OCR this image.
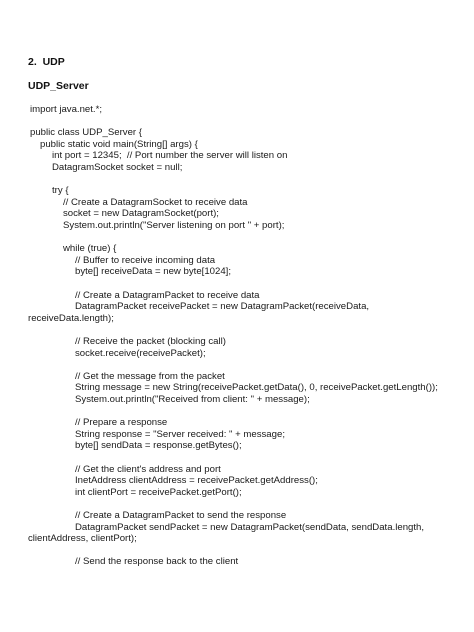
2.  UDP
UDP_Server
import java.net.*;
public class UDP_Server {
public static void main(String[] args) {
int port = 12345;  // Port number the server will listen on
DatagramSocket socket = null;
try {
// Create a DatagramSocket to receive data
socket = new DatagramSocket(port);
System.out.println("Server listening on port " + port);
while (true) {
// Buffer to receive incoming data
byte[] receiveData = new byte[1024];
// Create a DatagramPacket to receive data
DatagramPacket receivePacket = new DatagramPacket(receiveData,
receiveData.length);
// Receive the packet (blocking call)
socket.receive(receivePacket);
// Get the message from the packet
String message = new String(receivePacket.getData(), 0, receivePacket.getLength());
System.out.println("Received from client: " + message);
// Prepare a response
String response = "Server received: " + message;
byte[] sendData = response.getBytes();
// Get the client's address and port
InetAddress clientAddress = receivePacket.getAddress();
int clientPort = receivePacket.getPort();
// Create a DatagramPacket to send the response
DatagramPacket sendPacket = new DatagramPacket(sendData, sendData.length,
clientAddress, clientPort);
// Send the response back to the client
